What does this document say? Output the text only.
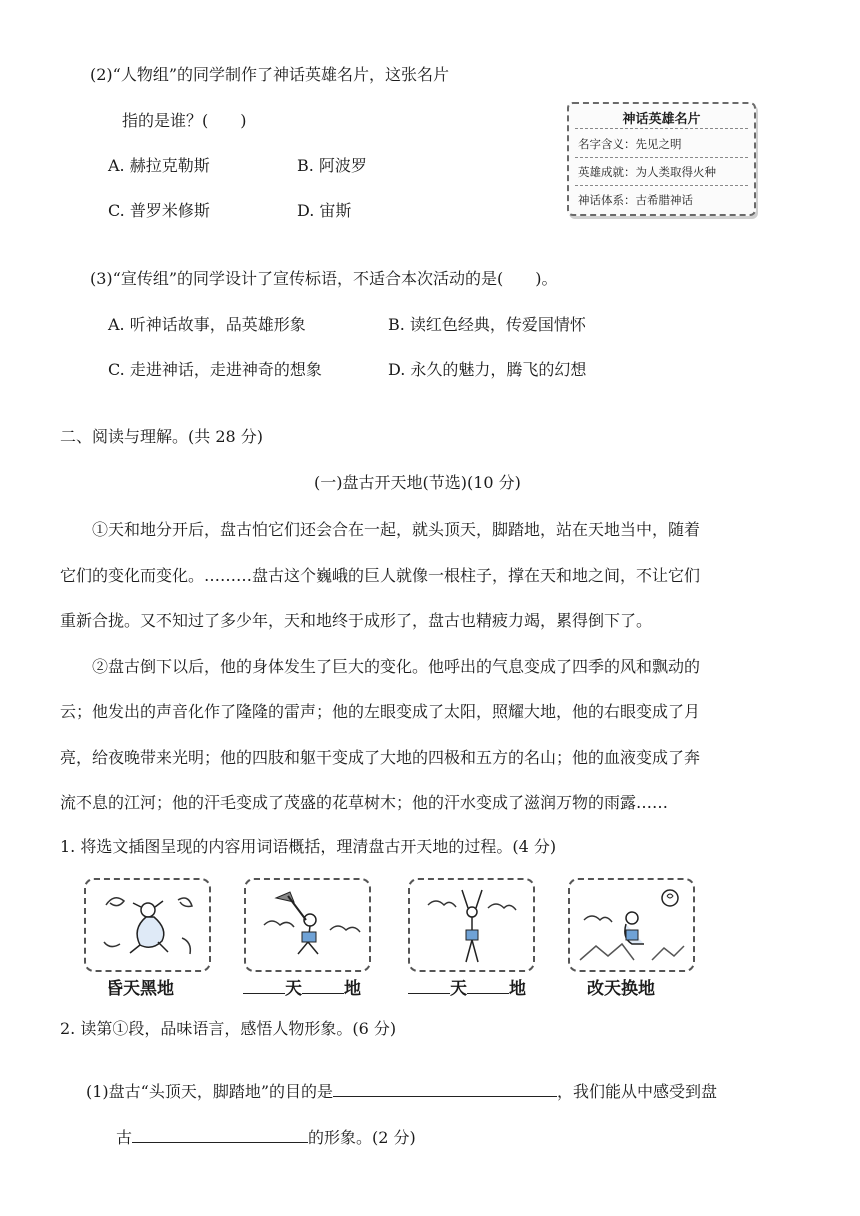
(2)“人物组”的同学制作了神话英雄名片，这张名片
指的是谁？(　　)
A. 赫拉克勒斯	B. 阿波罗
C. 普罗米修斯	D. 宙斯
神话英雄名片
名字含义：先见之明
英雄成就：为人类取得火种
神话体系：古希腊神话
(3)“宣传组”的同学设计了宣传标语，不适合本次活动的是(　　)。
A. 听神话故事，品英雄形象	B. 读红色经典，传爱国情怀
C. 走进神话，走进神奇的想象	D. 永久的魅力，腾飞的幻想
二、阅读与理解。(共 28 分)
(一)盘古开天地(节选)(10 分)
①天和地分开后，盘古怕它们还会合在一起，就头顶天，脚踏地，站在天地当中，随着
它们的变化而变化。………盘古这个巍峨的巨人就像一根柱子，撑在天和地之间，不让它们
重新合拢。又不知过了多少年，天和地终于成形了，盘古也精疲力竭，累得倒下了。
②盘古倒下以后，他的身体发生了巨大的变化。他呼出的气息变成了四季的风和飘动的
云；他发出的声音化作了隆隆的雷声；他的左眼变成了太阳，照耀大地，他的右眼变成了月
亮，给夜晚带来光明；他的四肢和躯干变成了大地的四极和五方的名山；他的血液变成了奔
流不息的江河；他的汗毛变成了茂盛的花草树木；他的汗水变成了滋润万物的雨露……
1. 将选文插图呈现的内容用词语概括，理清盘古开天地的过程。(4 分)
昏天黑地	天 地	天 地	改天换地
2. 读第①段，品味语言，感悟人物形象。(6 分)
(1)盘古“头顶天，脚踏地”的目的是	，我们能从中感受到盘
古	的形象。(2 分)
